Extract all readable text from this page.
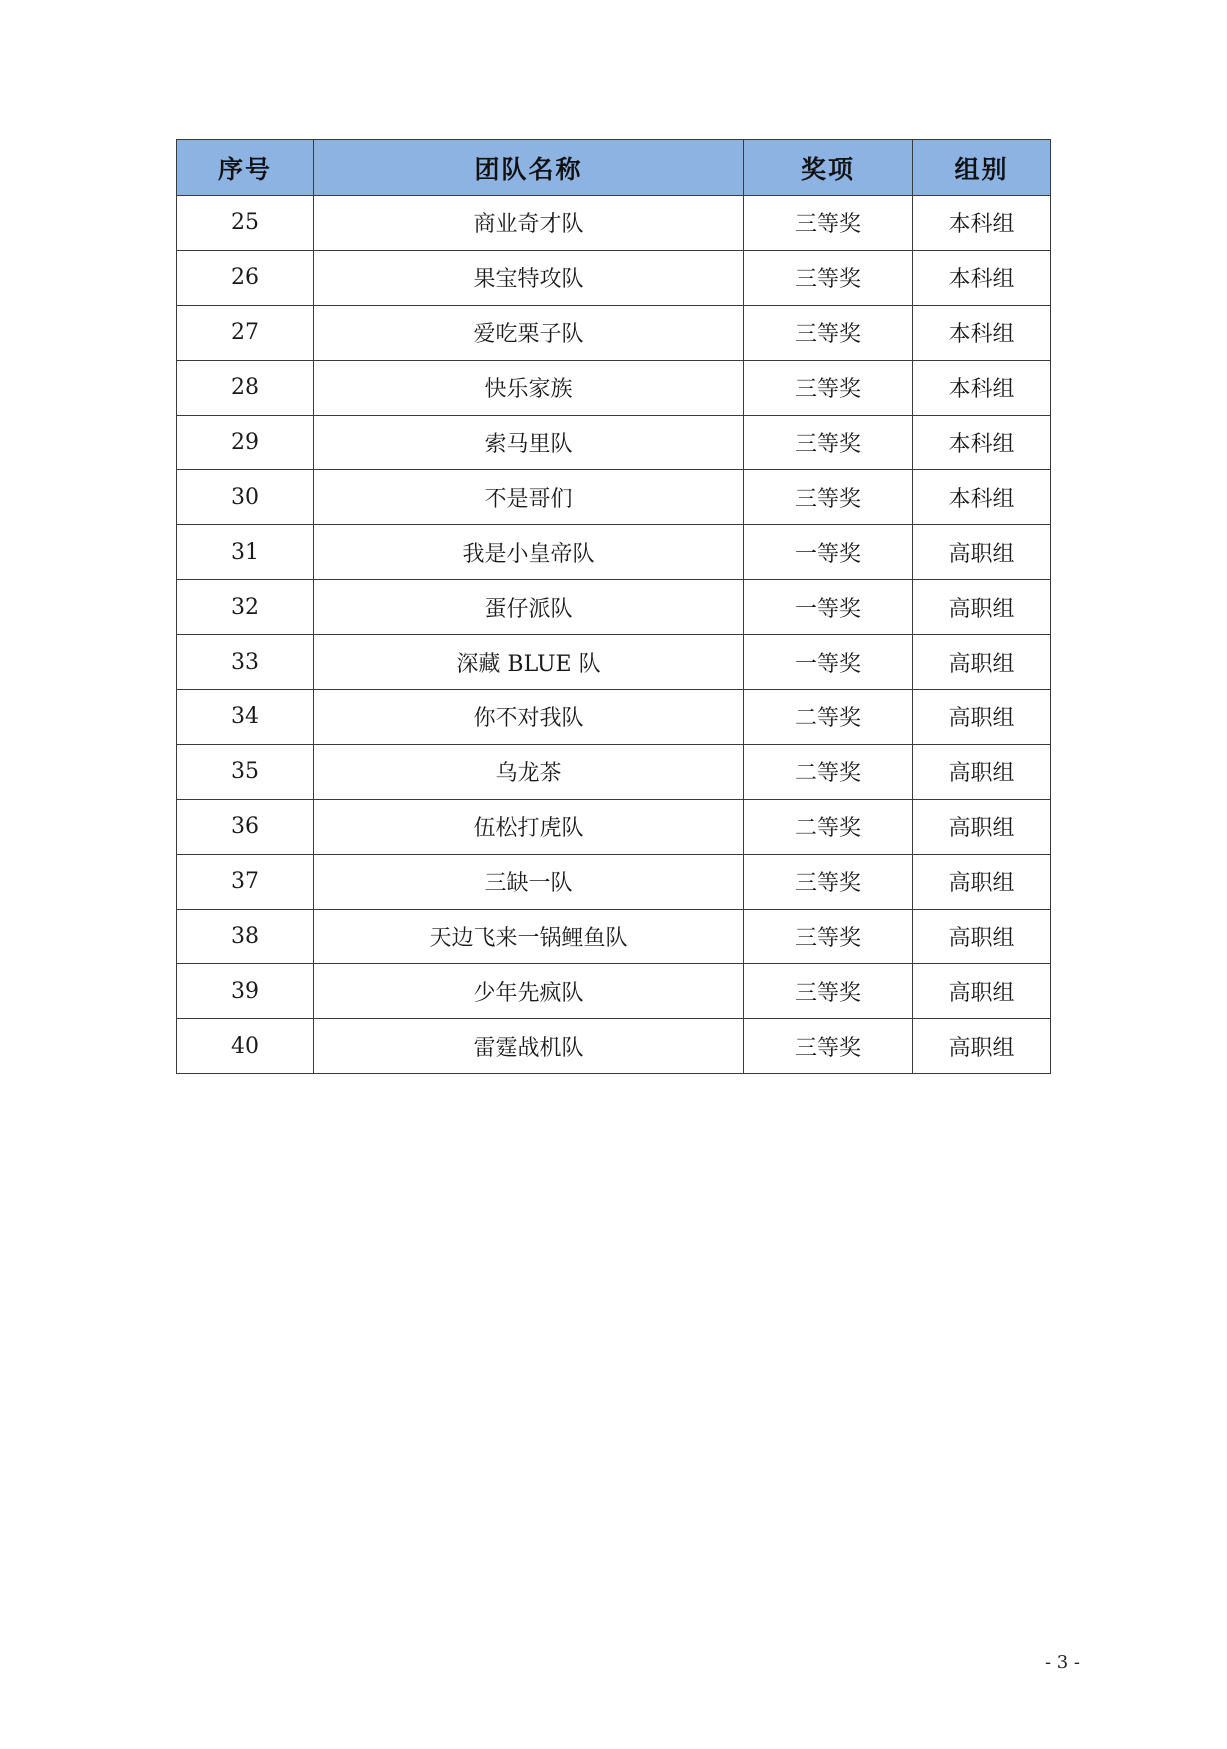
序号	团队名称	奖项	组别
25	商业奇才队	三等奖	本科组
26	果宝特攻队	三等奖	本科组
27	爱吃栗子队	三等奖	本科组
28	快乐家族	三等奖	本科组
29	索马里队	三等奖	本科组
30	不是哥们	三等奖	本科组
31	我是小皇帝队	一等奖	高职组
32	蛋仔派队	一等奖	高职组
33	深藏 BLUE 队	一等奖	高职组
34	你不对我队	二等奖	高职组
35	乌龙茶	二等奖	高职组
36	伍松打虎队	二等奖	高职组
37	三缺一队	三等奖	高职组
38	天边飞来一锅鲤鱼队	三等奖	高职组
39	少年先疯队	三等奖	高职组
40	雷霆战机队	三等奖	高职组
- 3 -
